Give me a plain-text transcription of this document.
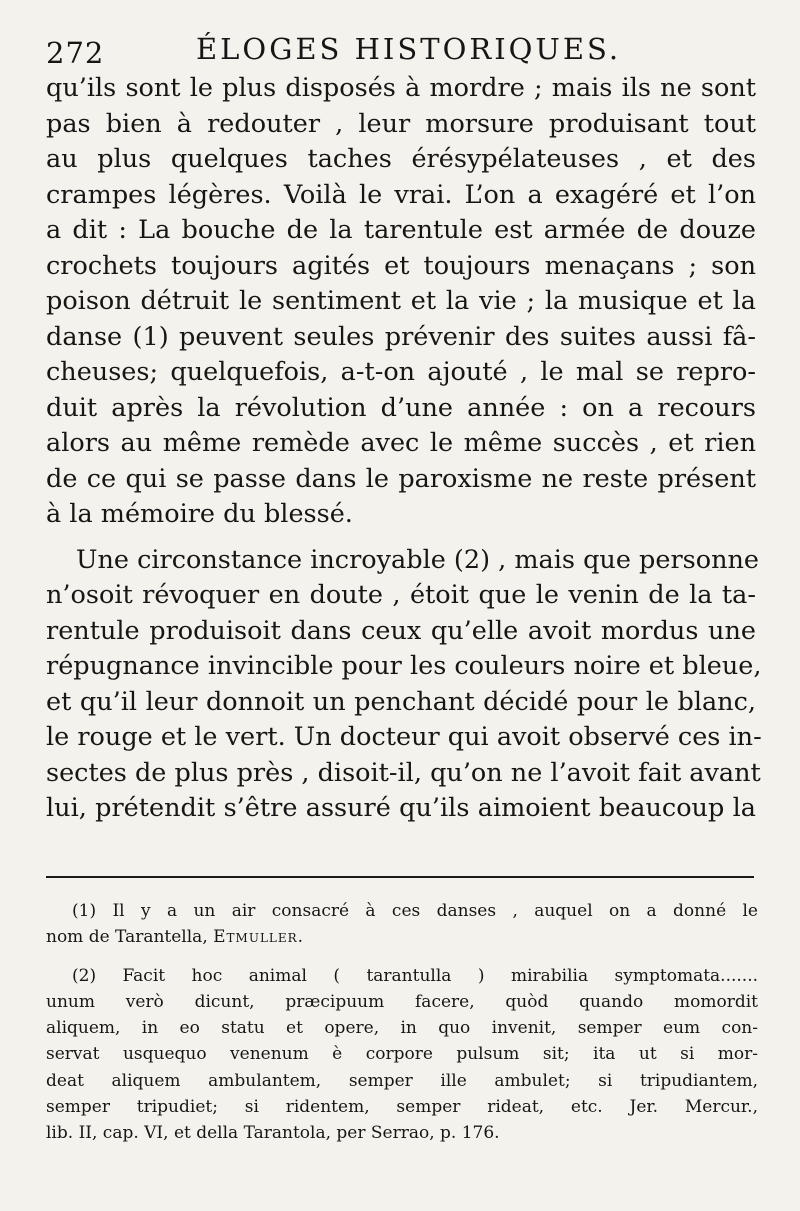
272	ÉLOGES HISTORIQUES.
qu’ils sont le plus disposés à mordre ; mais ils ne sont
pas bien à redouter , leur morsure produisant tout
au plus quelques taches érésypélateuses , et des
crampes légères. Voilà le vrai. L’on a exagéré et l’on
a dit : La bouche de la tarentule est armée de douze
crochets toujours agités et toujours menaçans ; son
poison détruit le sentiment et la vie ; la musique et la
danse (1) peuvent seules prévenir des suites aussi fâ-
cheuses; quelquefois, a-t-on ajouté , le mal se repro-
duit après la révolution d’une année : on a recours
alors au même remède avec le même succès , et rien
de ce qui se passe dans le paroxisme ne reste présent
à la mémoire du blessé.
Une circonstance incroyable (2) , mais que personne
n’osoit révoquer en doute , étoit que le venin de la ta-
rentule produisoit dans ceux qu’elle avoit mordus une
répugnance invincible pour les couleurs noire et bleue,
et qu’il leur donnoit un penchant décidé pour le blanc,
le rouge et le vert. Un docteur qui avoit observé ces in-
sectes de plus près , disoit-il, qu’on ne l’avoit fait avant
lui, prétendit s’être assuré qu’ils aimoient beaucoup la
(1) Il y a un air consacré à ces danses , auquel on a donné le
nom de Tarantella, Etmuller.
(2) Facit hoc animal ( tarantulla ) mirabilia symptomata.......
unum verò dicunt, præcipuum facere, quòd quando momordit
aliquem, in eo statu et opere, in quo invenit, semper eum con-
servat usquequo venenum è corpore pulsum sit; ita ut si mor-
deat aliquem ambulantem, semper ille ambulet; si tripudiantem,
semper tripudiet; si ridentem, semper rideat, etc. Jer. Mercur.,
lib. II, cap. VI, et della Tarantola, per Serrao, p. 176.
